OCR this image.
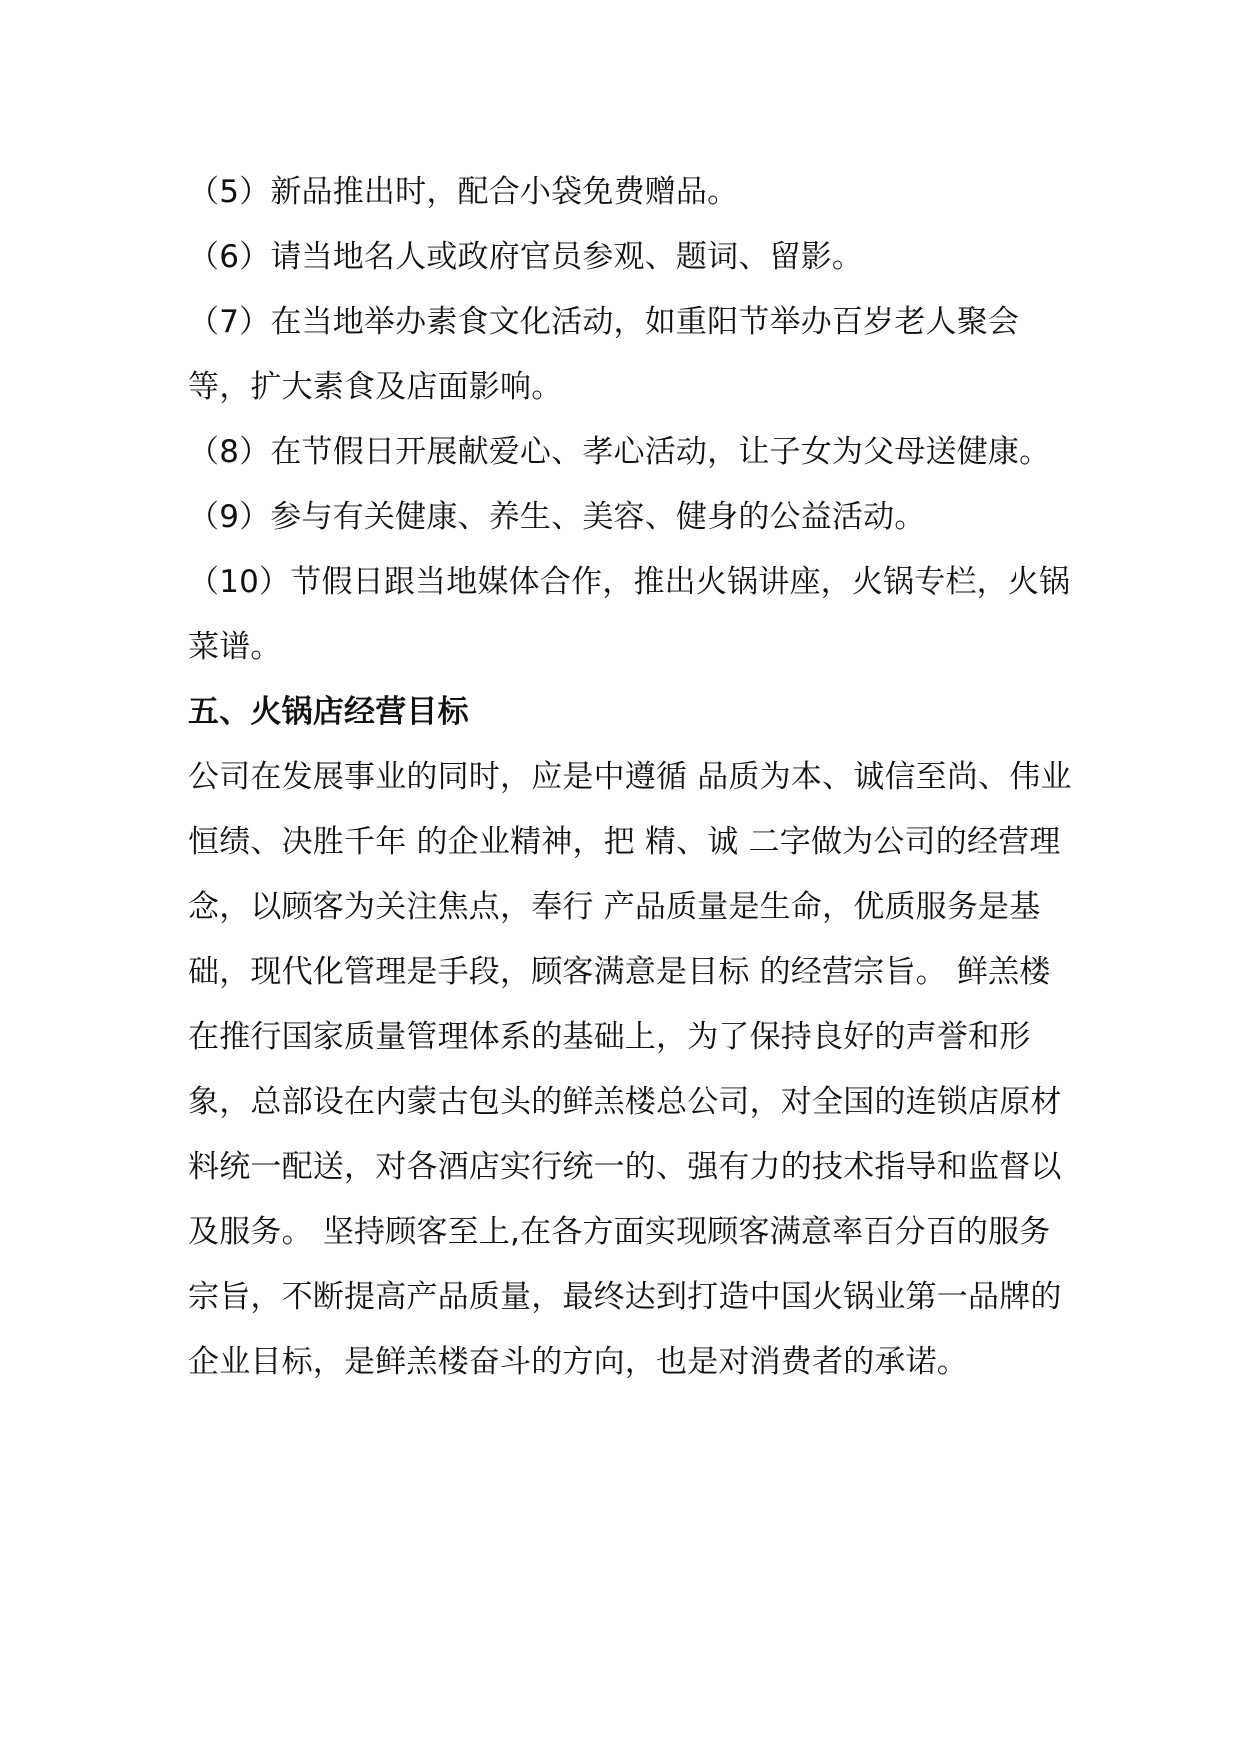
（5）新品推出时，配合小袋免费赠品。

（6）请当地名人或政府官员参观、题词、留影。

（7）在当地举办素食文化活动，如重阳节举办百岁老人聚会等，扩大素食及店面影响。

（8）在节假日开展献爱心、孝心活动，让子女为父母送健康。

（9）参与有关健康、养生、美容、健身的公益活动。

（10）节假日跟当地媒体合作，推出火锅讲座，火锅专栏，火锅菜谱。

五、火锅店经营目标

公司在发展事业的同时，应是中遵循 品质为本、诚信至尚、伟业恒绩、决胜千年 的企业精神，把 精、诚 二字做为公司的经营理念，以顾客为关注焦点，奉行 产品质量是生命，优质服务是基础，现代化管理是手段，顾客满意是目标 的经营宗旨。 鲜羔楼 在推行国家质量管理体系的基础上，为了保持良好的声誉和形象，总部设在内蒙古包头的鲜羔楼总公司，对全国的连锁店原材料统一配送，对各酒店实行统一的、强有力的技术指导和监督以及服务。 坚持顾客至上,在各方面实现顾客满意率百分百的服务宗旨，不断提高产品质量，最终达到打造中国火锅业第一品牌的企业目标，是鲜羔楼奋斗的方向，也是对消费者的承诺。
